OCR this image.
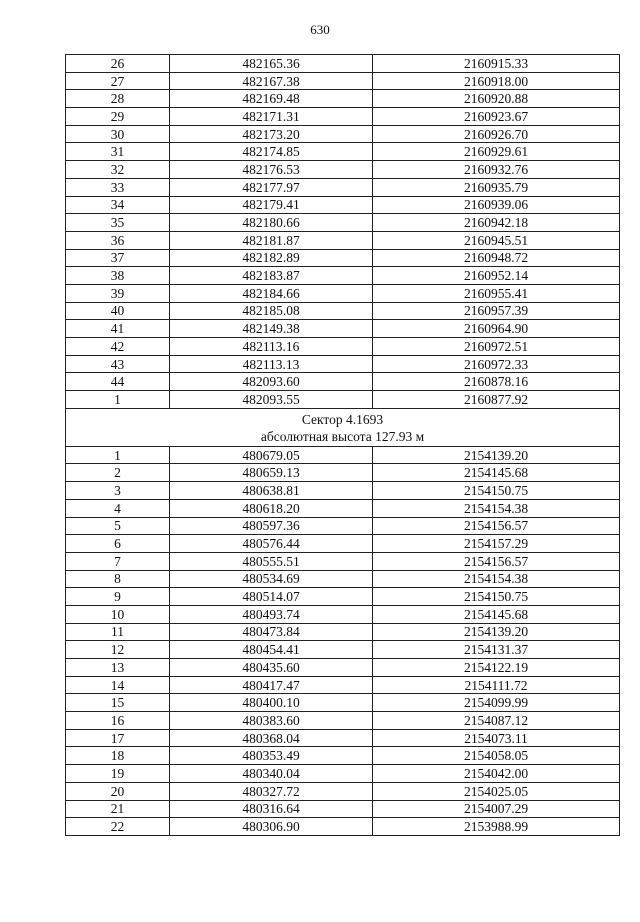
630
26	482165.36	2160915.33
27	482167.38	2160918.00
28	482169.48	2160920.88
29	482171.31	2160923.67
30	482173.20	2160926.70
31	482174.85	2160929.61
32	482176.53	2160932.76
33	482177.97	2160935.79
34	482179.41	2160939.06
35	482180.66	2160942.18
36	482181.87	2160945.51
37	482182.89	2160948.72
38	482183.87	2160952.14
39	482184.66	2160955.41
40	482185.08	2160957.39
41	482149.38	2160964.90
42	482113.16	2160972.51
43	482113.13	2160972.33
44	482093.60	2160878.16
1	482093.55	2160877.92

Сектор 4.1693
абсолютная высота 127.93 м		

1	480679.05	2154139.20
2	480659.13	2154145.68
3	480638.81	2154150.75
4	480618.20	2154154.38
5	480597.36	2154156.57
6	480576.44	2154157.29
7	480555.51	2154156.57
8	480534.69	2154154.38
9	480514.07	2154150.75
10	480493.74	2154145.68
11	480473.84	2154139.20
12	480454.41	2154131.37
13	480435.60	2154122.19
14	480417.47	2154111.72
15	480400.10	2154099.99
16	480383.60	2154087.12
17	480368.04	2154073.11
18	480353.49	2154058.05
19	480340.04	2154042.00
20	480327.72	2154025.05
21	480316.64	2154007.29
22	480306.90	2153988.99
